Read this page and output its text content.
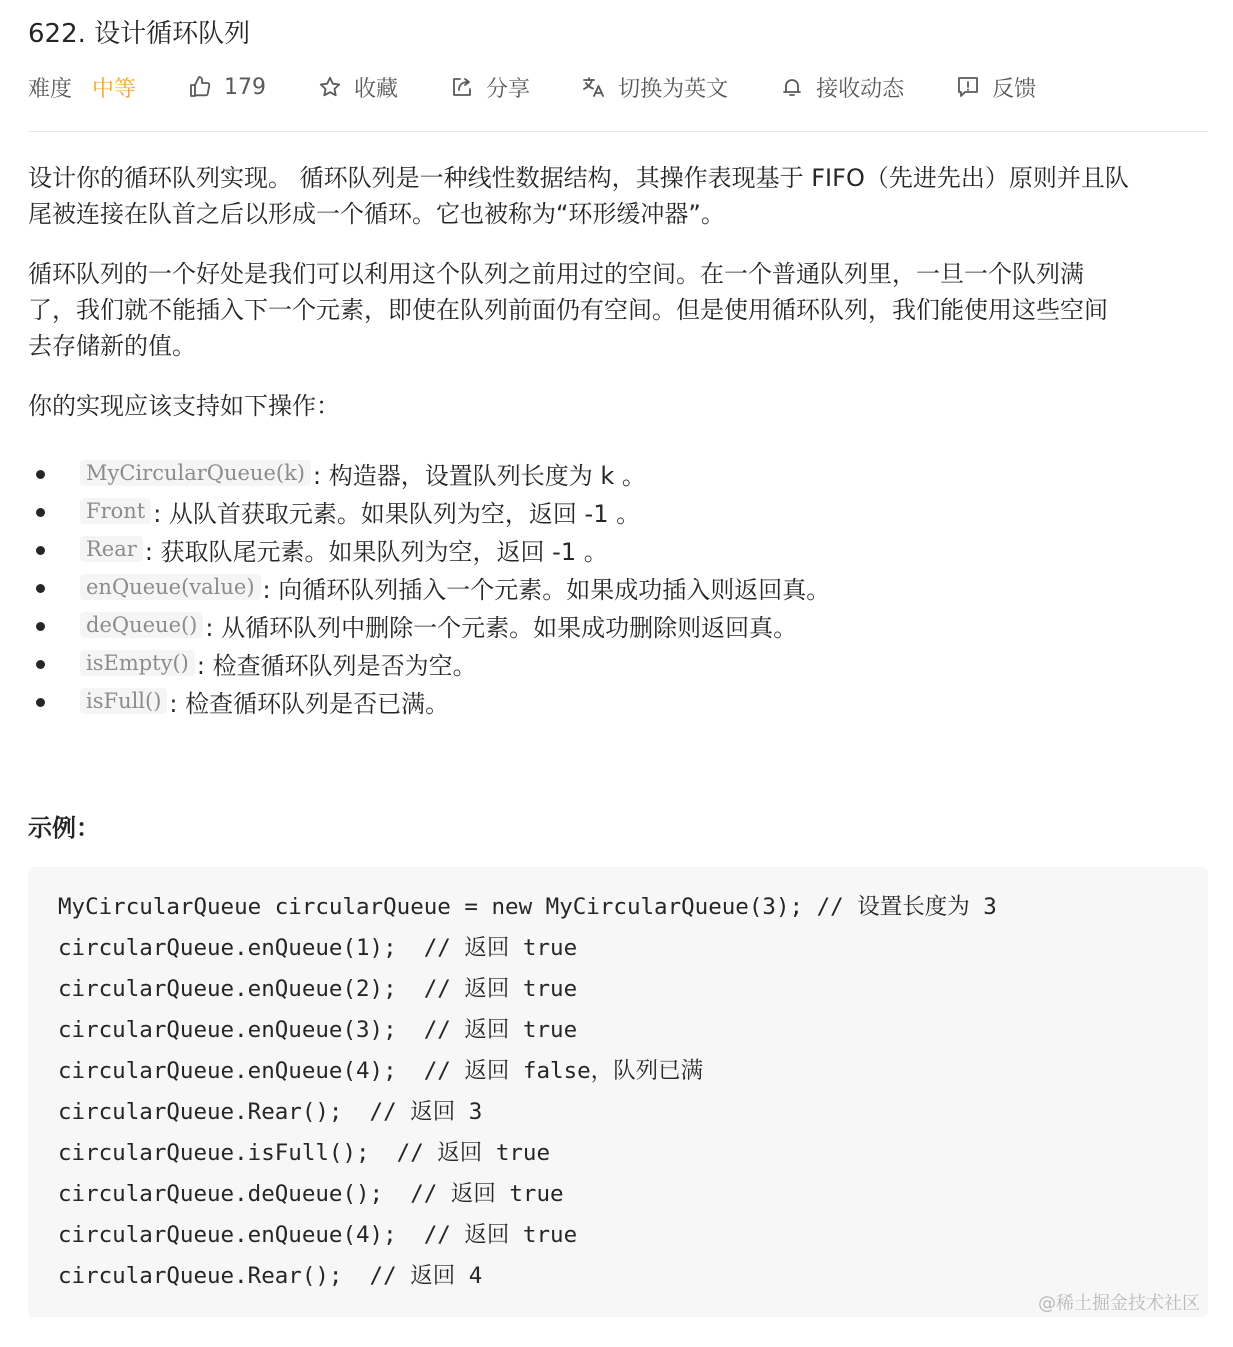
622. 设计循环队列
难度 中等	179	收藏	分享	切换为英文	接收动态	反馈

设计你的循环队列实现。 循环队列是一种线性数据结构，其操作表现基于 FIFO（先进先出）原则并且队
尾被连接在队首之后以形成一个循环。它也被称为“环形缓冲器”。

循环队列的一个好处是我们可以利用这个队列之前用过的空间。在一个普通队列里，一旦一个队列满
了，我们就不能插入下一个元素，即使在队列前面仍有空间。但是使用循环队列，我们能使用这些空间
去存储新的值。

你的实现应该支持如下操作：

MyCircularQueue(k) : 构造器，设置队列长度为 k 。
Front : 从队首获取元素。如果队列为空，返回 -1 。
Rear : 获取队尾元素。如果队列为空，返回 -1 。
enQueue(value) : 向循环队列插入一个元素。如果成功插入则返回真。
deQueue() : 从循环队列中删除一个元素。如果成功删除则返回真。
isEmpty() : 检查循环队列是否为空。
isFull() : 检查循环队列是否已满。
示例：
MyCircularQueue circularQueue = new MyCircularQueue(3); // 设置长度为 3
circularQueue.enQueue(1);  // 返回 true
circularQueue.enQueue(2);  // 返回 true
circularQueue.enQueue(3);  // 返回 true
circularQueue.enQueue(4);  // 返回 false，队列已满
circularQueue.Rear();  // 返回 3
circularQueue.isFull();  // 返回 true
circularQueue.deQueue();  // 返回 true
circularQueue.enQueue(4);  // 返回 true
circularQueue.Rear();  // 返回 4
@稀土掘金技术社区
